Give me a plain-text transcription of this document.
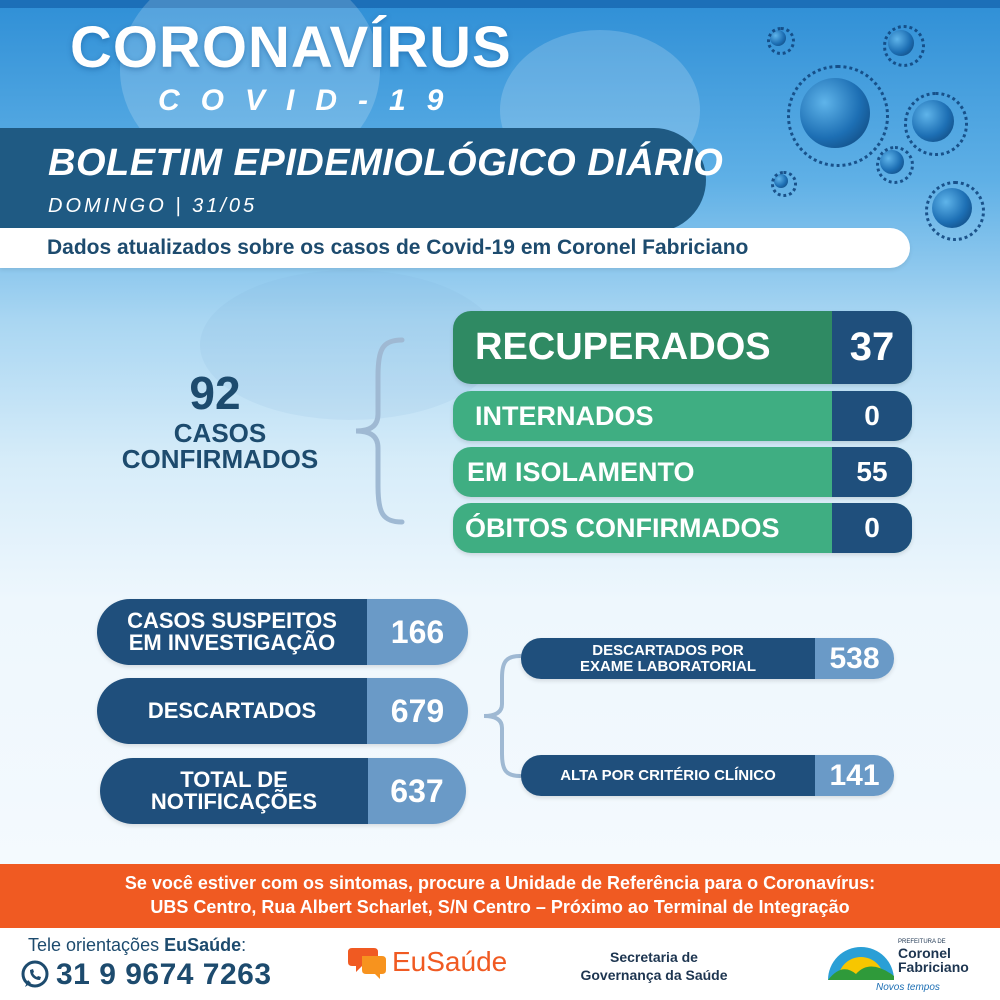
CORONAVÍRUS
COVID-19
BOLETIM EPIDEMIOLÓGICO DIÁRIO
DOMINGO | 31/05
Dados atualizados sobre os casos de Covid-19 em Coronel Fabriciano
92
CASOS
CONFIRMADOS
RECUPERADOS	37
INTERNADOS	0
EM ISOLAMENTO	55
ÓBITOS CONFIRMADOS	0
CASOS SUSPEITOS
EM INVESTIGAÇÃO	166
DESCARTADOS	679
TOTAL DE
NOTIFICAÇÕES	637
DESCARTADOS POR
EXAME LABORATORIAL	538
ALTA POR CRITÉRIO CLÍNICO	141
Se você estiver com os sintomas, procure a Unidade de Referência para o Coronavírus:
UBS Centro, Rua Albert Scharlet, S/N Centro – Próximo ao Terminal de Integração
Tele orientações EuSaúde:
31 9 9674 7263	EuSaúde	Secretaria de
Governança da Saúde
PREFEITURA DE
Coronel
Fabriciano
Novos tempos
